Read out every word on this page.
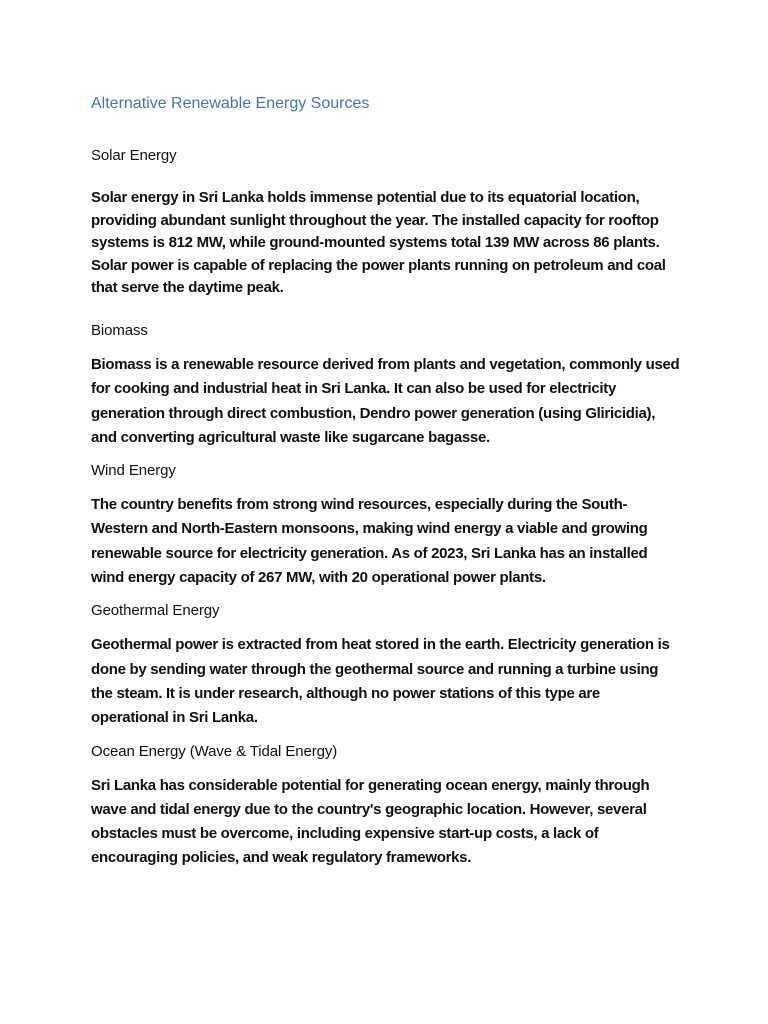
Alternative Renewable Energy Sources
Solar Energy

Solar energy in Sri Lanka holds immense potential due to its equatorial location, providing abundant sunlight throughout the year. The installed capacity for rooftop systems is 812 MW, while ground-mounted systems total 139 MW across 86 plants. Solar power is capable of replacing the power plants running on petroleum and coal that serve the daytime peak.

Biomass

Biomass is a renewable resource derived from plants and vegetation, commonly used for cooking and industrial heat in Sri Lanka. It can also be used for electricity generation through direct combustion, Dendro power generation (using Gliricidia), and converting agricultural waste like sugarcane bagasse.

Wind Energy

The country benefits from strong wind resources, especially during the South-Western and North-Eastern monsoons, making wind energy a viable and growing renewable source for electricity generation. As of 2023, Sri Lanka has an installed wind energy capacity of 267 MW, with 20 operational power plants.

Geothermal Energy

Geothermal power is extracted from heat stored in the earth. Electricity generation is done by sending water through the geothermal source and running a turbine using the steam. It is under research, although no power stations of this type are operational in Sri Lanka.

Ocean Energy (Wave & Tidal Energy)

Sri Lanka has considerable potential for generating ocean energy, mainly through wave and tidal energy due to the country's geographic location. However, several obstacles must be overcome, including expensive start-up costs, a lack of encouraging policies, and weak regulatory frameworks.
